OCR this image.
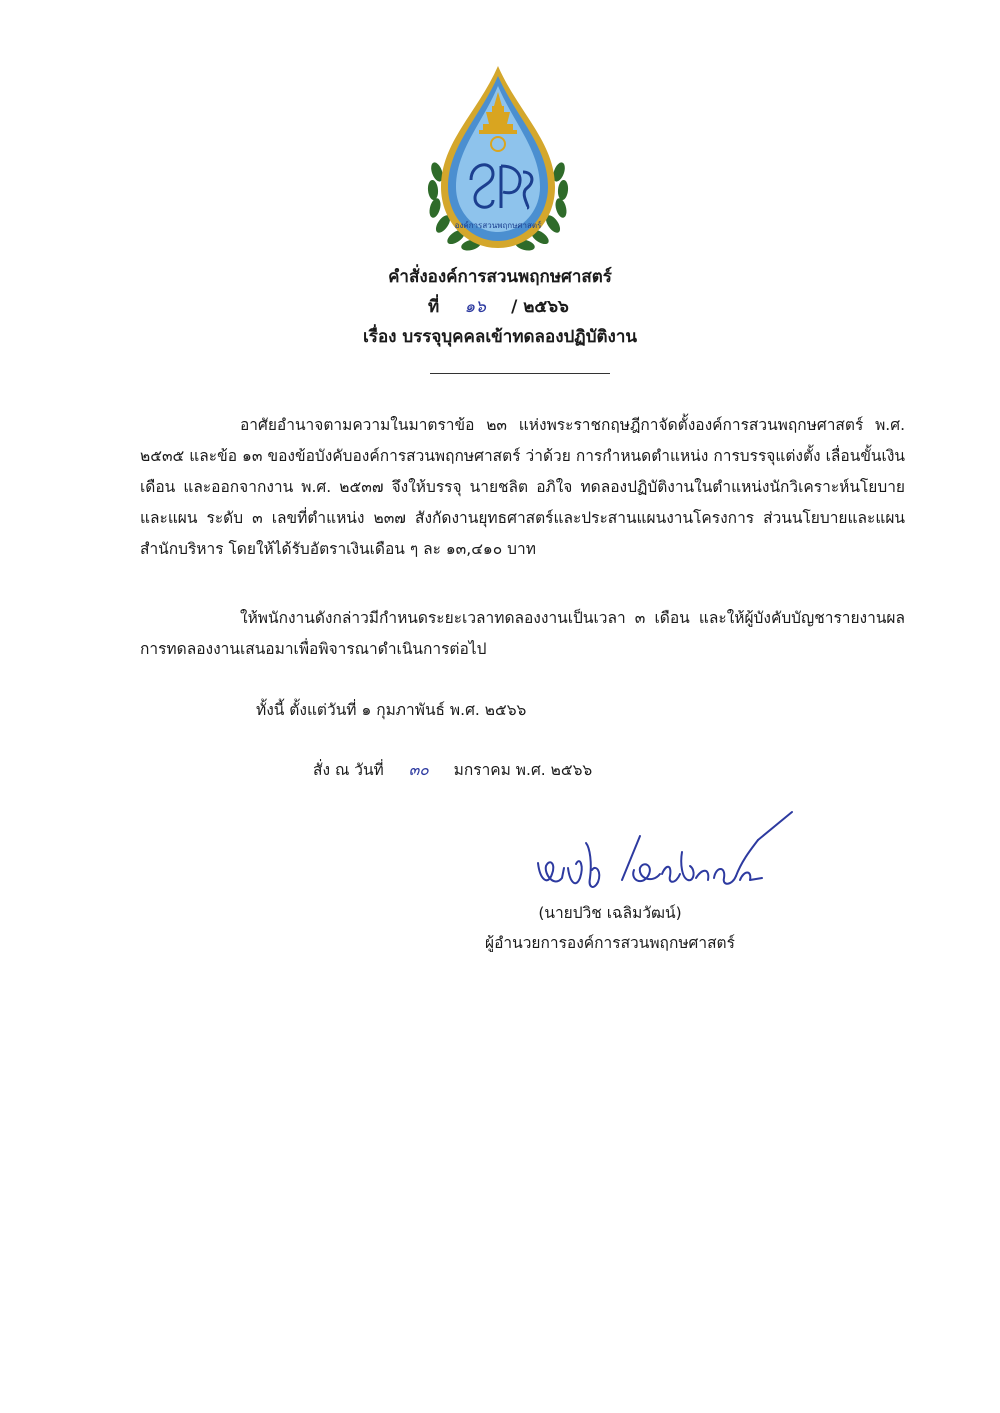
องค์การสวนพฤกษศาสตร์
คำสั่งองค์การสวนพฤกษศาสตร์
ที่ ๑๖ / ๒๕๖๖
เรื่อง บรรจุบุคคลเข้าทดลองปฏิบัติงาน

อาศัยอำนาจตามความในมาตราข้อ ๒๓ แห่งพระราชกฤษฎีกาจัดตั้งองค์การสวนพฤกษศาสตร์ พ.ศ. ๒๕๓๕ และข้อ ๑๓ ของข้อบังคับองค์การสวนพฤกษศาสตร์ ว่าด้วย การกำหนดตำแหน่ง การบรรจุแต่งตั้ง เลื่อนขั้นเงินเดือน และออกจากงาน พ.ศ. ๒๕๓๗ จึงให้บรรจุ นายชลิต อภิใจ ทดลองปฏิบัติงานในตำแหน่งนักวิเคราะห์นโยบายและแผน ระดับ ๓ เลขที่ตำแหน่ง ๒๓๗ สังกัดงานยุทธศาสตร์และประสานแผนงานโครงการ ส่วนนโยบายและแผน สำนักบริหาร โดยให้ได้รับอัตราเงินเดือน ๆ ละ ๑๓,๔๑๐ บาท

ให้พนักงานดังกล่าวมีกำหนดระยะเวลาทดลองงานเป็นเวลา ๓ เดือน และให้ผู้บังคับบัญชารายงานผลการทดลองงานเสนอมาเพื่อพิจารณาดำเนินการต่อไป

ทั้งนี้ ตั้งแต่วันที่ ๑ กุมภาพันธ์ พ.ศ. ๒๕๖๖
สั่ง ณ วันที่ ๓๐ มกราคม พ.ศ. ๒๕๖๖
(นายปวิช เฉลิมวัฒน์)
ผู้อำนวยการองค์การสวนพฤกษศาสตร์
